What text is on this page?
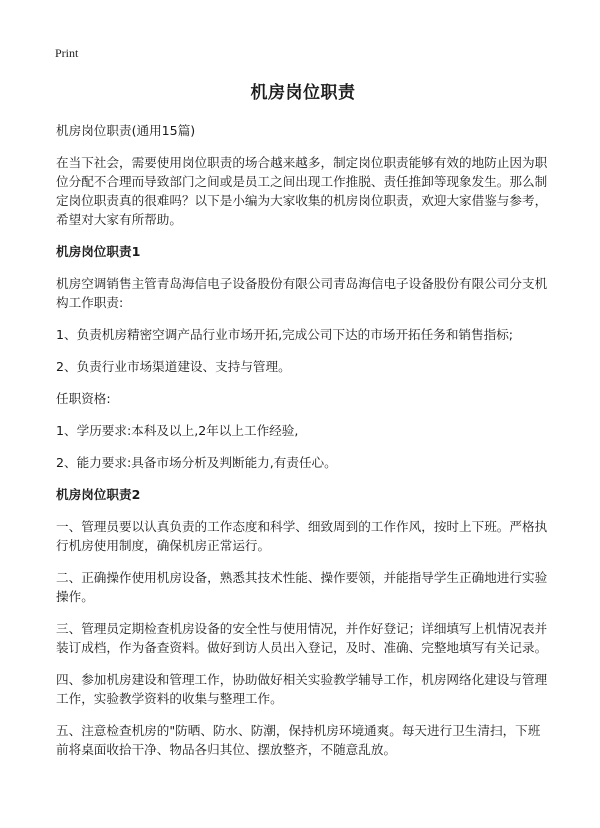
Print
机房岗位职责
机房岗位职责(通用15篇)
在当下社会，需要使用岗位职责的场合越来越多，制定岗位职责能够有效的地防止因为职位分配不合理而导致部门之间或是员工之间出现工作推脱、责任推卸等现象发生。那么制定岗位职责真的很难吗？以下是小编为大家收集的机房岗位职责，欢迎大家借鉴与参考，希望对大家有所帮助。
机房岗位职责1
机房空调销售主管青岛海信电子设备股份有限公司青岛海信电子设备股份有限公司分支机构工作职责:
1、负责机房精密空调产品行业市场开拓,完成公司下达的市场开拓任务和销售指标;
2、负责行业市场渠道建设、支持与管理。
任职资格:
1、学历要求:本科及以上,2年以上工作经验,
2、能力要求:具备市场分析及判断能力,有责任心。
机房岗位职责2
一、管理员要以认真负责的工作态度和科学、细致周到的工作作风，按时上下班。严格执行机房使用制度，确保机房正常运行。
二、正确操作使用机房设备，熟悉其技术性能、操作要领，并能指导学生正确地进行实验操作。
三、管理员定期检查机房设备的安全性与使用情况，并作好登记；详细填写上机情况表并装订成档，作为备查资料。做好到访人员出入登记，及时、准确、完整地填写有关记录。
四、参加机房建设和管理工作，协助做好相关实验教学辅导工作，机房网络化建设与管理工作，实验教学资料的收集与整理工作。
五、注意检查机房的"防晒、防水、防潮，保持机房环境通爽。每天进行卫生清扫，下班前将桌面收拾干净、物品各归其位、摆放整齐，不随意乱放。
